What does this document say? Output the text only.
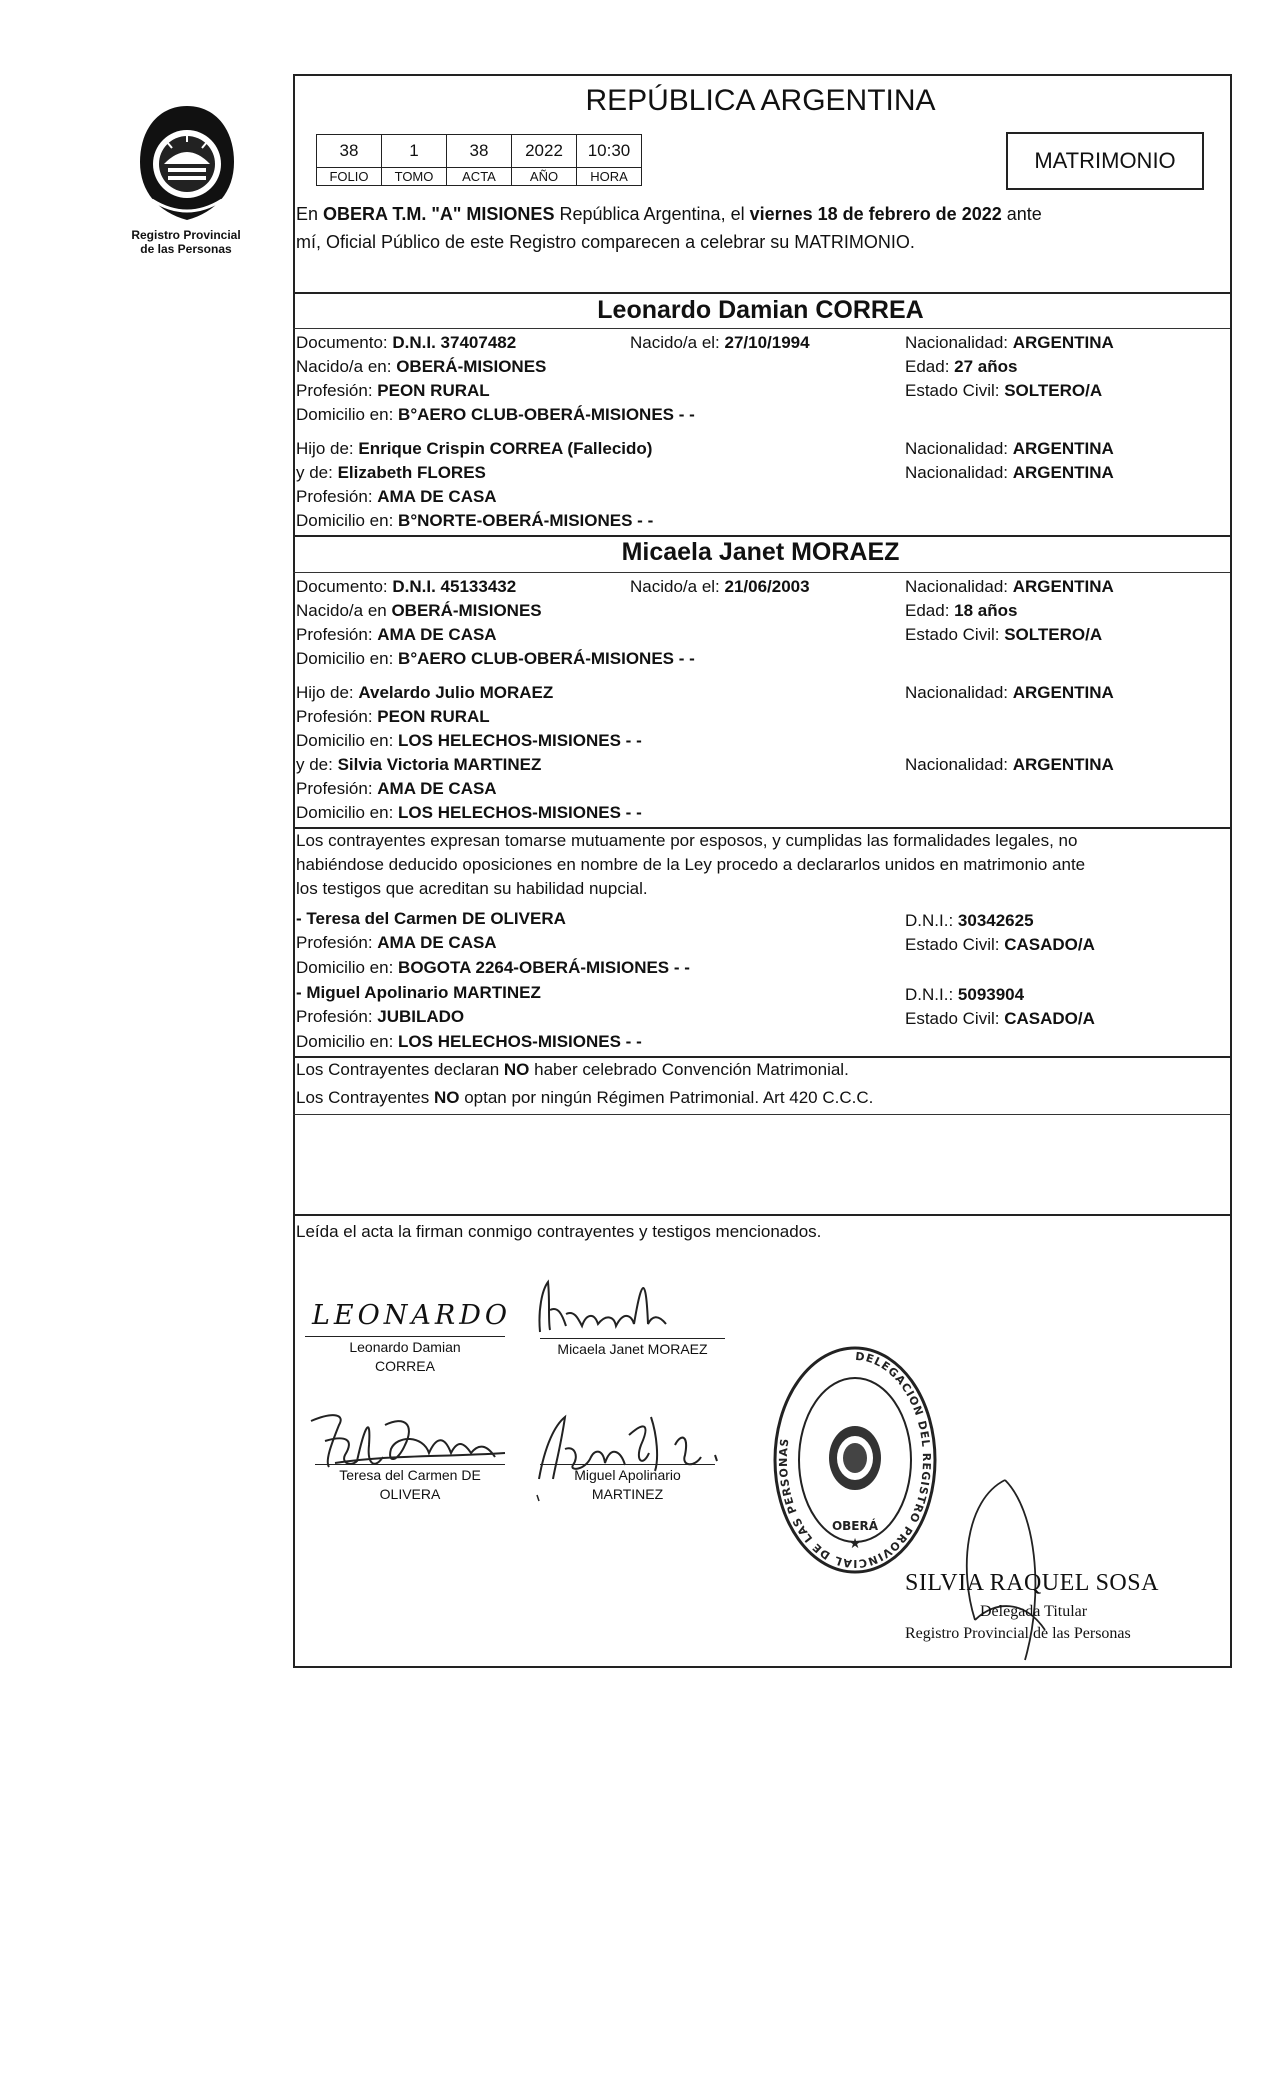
Registro Provincial
de las Personas
REPÚBLICA ARGENTINA
38	1	38	2022	10:30
FOLIO	TOMO	ACTA	AÑO	HORA
MATRIMONIO
En OBERA T.M. "A" MISIONES República Argentina, el viernes 18 de febrero de 2022 ante
mí, Oficial Público de este Registro comparecen a celebrar su MATRIMONIO.
Leonardo Damian CORREA
Documento: D.N.I. 37407482	Nacido/a el: 27/10/1994	Nacionalidad: ARGENTINA
Nacido/a en: OBERÁ-MISIONES	Edad: 27 años
Profesión: PEON RURAL	Estado Civil: SOLTERO/A
Domicilio en: B°AERO CLUB-OBERÁ-MISIONES - -
Hijo de: Enrique Crispin CORREA (Fallecido)	Nacionalidad: ARGENTINA
y de: Elizabeth FLORES	Nacionalidad: ARGENTINA
Profesión: AMA DE CASA
Domicilio en: B°NORTE-OBERÁ-MISIONES - -
Micaela Janet MORAEZ
Documento: D.N.I. 45133432	Nacido/a el: 21/06/2003	Nacionalidad: ARGENTINA
Nacido/a en OBERÁ-MISIONES	Edad: 18 años
Profesión: AMA DE CASA	Estado Civil: SOLTERO/A
Domicilio en: B°AERO CLUB-OBERÁ-MISIONES - -
Hijo de: Avelardo Julio MORAEZ	Nacionalidad: ARGENTINA
Profesión: PEON RURAL
Domicilio en: LOS HELECHOS-MISIONES - -
y de: Silvia Victoria MARTINEZ	Nacionalidad: ARGENTINA
Profesión: AMA DE CASA
Domicilio en: LOS HELECHOS-MISIONES - -
Los contrayentes expresan tomarse mutuamente por esposos, y cumplidas las formalidades legales, no
habiéndose deducido oposiciones en nombre de la Ley procedo a declararlos unidos en matrimonio ante
los testigos que acreditan su habilidad nupcial.
- Teresa del Carmen DE OLIVERA	D.N.I.: 30342625
Profesión: AMA DE CASA	Estado Civil: CASADO/A
Domicilio en: BOGOTA 2264-OBERÁ-MISIONES - -
- Miguel Apolinario MARTINEZ	D.N.I.: 5093904
Profesión: JUBILADO	Estado Civil: CASADO/A
Domicilio en: LOS HELECHOS-MISIONES - -
Los Contrayentes declaran NO haber celebrado Convención Matrimonial.
Los Contrayentes NO optan por ningún Régimen Patrimonial. Art 420 C.C.C.
Leída el acta la firman conmigo contrayentes y testigos mencionados.
LEONARDO
Leonardo Damian
CORREA
Micaela Janet MORAEZ
Teresa del Carmen DE
OLIVERA
Miguel Apolinario
MARTINEZ
DELEGACION DEL REGISTRO PROVINCIAL DE LAS PERSONAS
OBERÁ
★
SILVIA RAQUEL SOSA
Delegada Titular
Registro Provincial de las Personas
